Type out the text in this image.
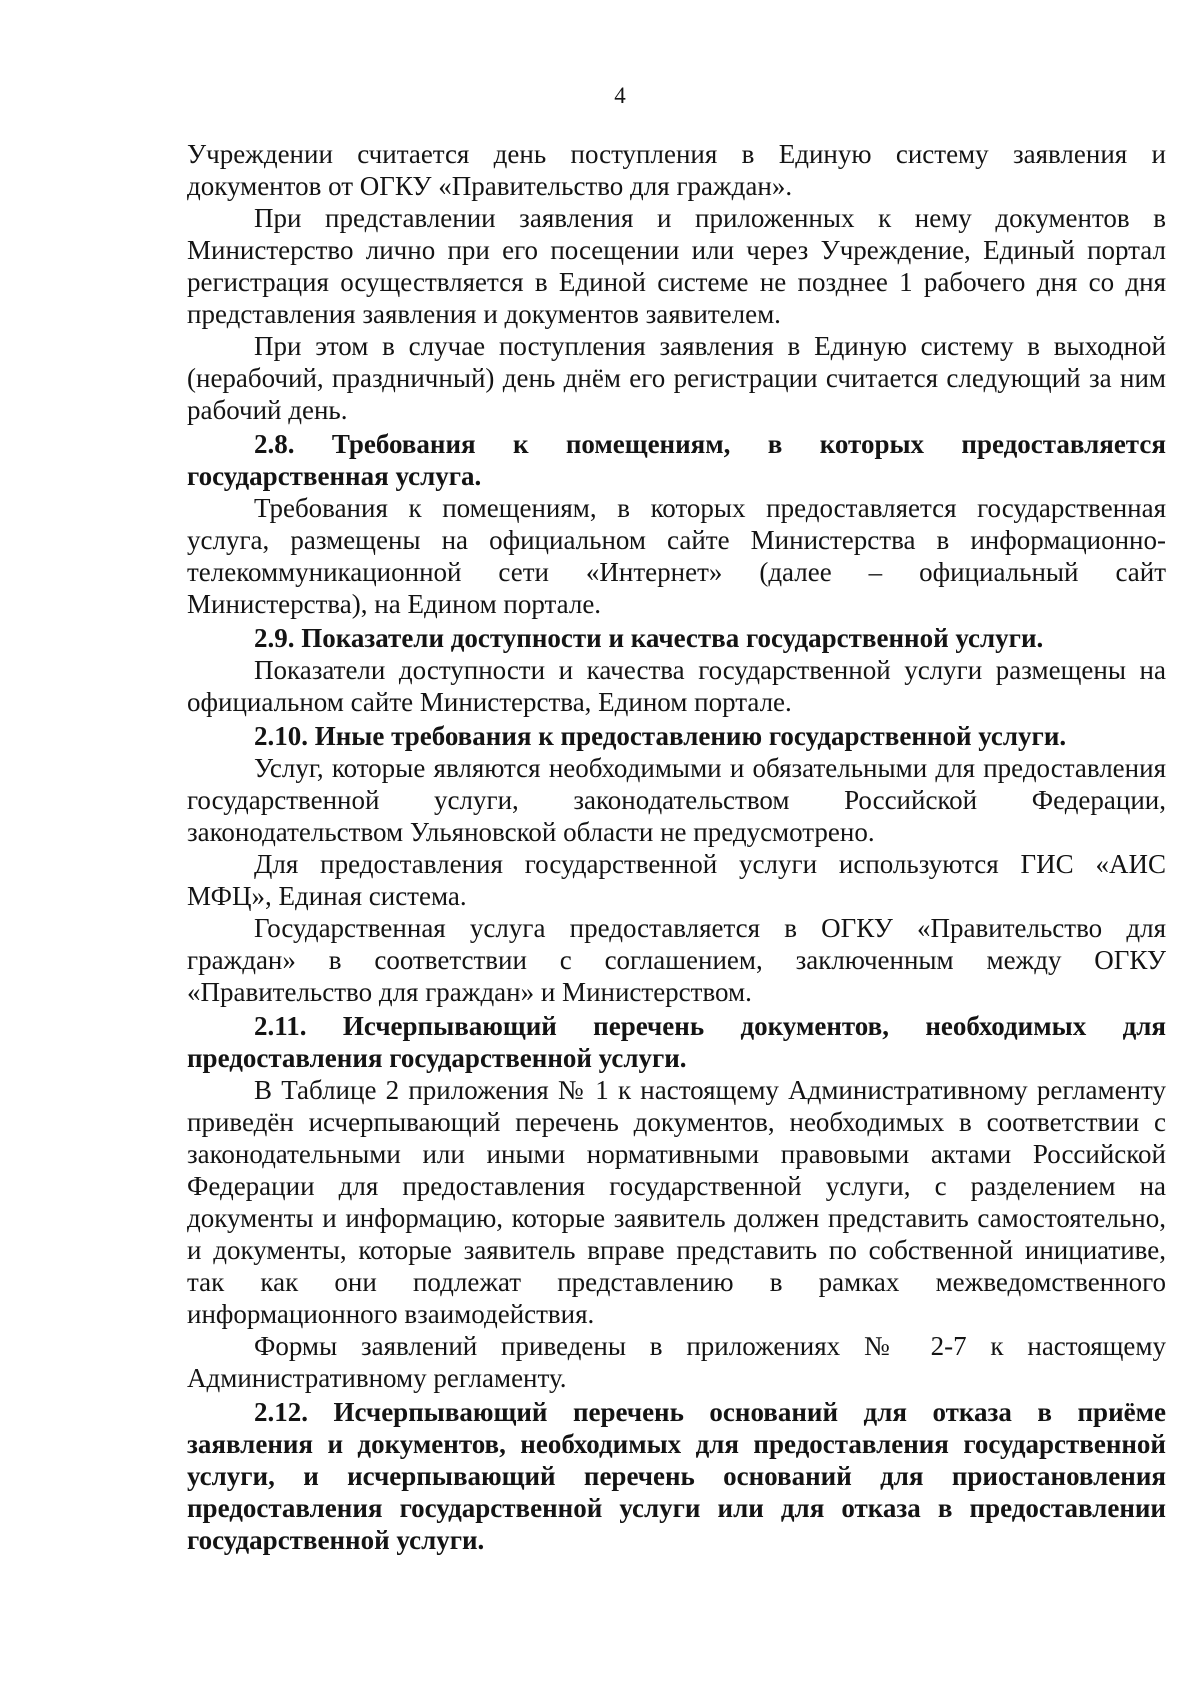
4

Учреждении считается день поступления в Единую систему заявления и документов от ОГКУ «Правительство для граждан».

При представлении заявления и приложенных к нему документов в Министерство лично при его посещении или через Учреждение, Единый портал регистрация осуществляется в Единой системе не позднее 1 рабочего дня со дня представления заявления и документов заявителем.

При этом в случае поступления заявления в Единую систему в выходной (нерабочий, праздничный) день днём его регистрации считается следующий за ним рабочий день.

2.8. Требования к помещениям, в которых предоставляется государственная услуга.

Требования к помещениям, в которых предоставляется государственная услуга, размещены на официальном сайте Министерства в информационно-телекоммуникационной сети «Интернет» (далее – официальный сайт Министерства), на Едином портале.

2.9. Показатели доступности и качества государственной услуги.

Показатели доступности и качества государственной услуги размещены на официальном сайте Министерства, Едином портале.

2.10. Иные требования к предоставлению государственной услуги.

Услуг, которые являются необходимыми и обязательными для предоставления государственной услуги, законодательством Российской Федерации, законодательством Ульяновской области не предусмотрено.

Для предоставления государственной услуги используются ГИС «АИС МФЦ», Единая система.

Государственная услуга предоставляется в ОГКУ «Правительство для граждан» в соответствии с соглашением, заключенным между ОГКУ «Правительство для граждан» и Министерством.

2.11. Исчерпывающий перечень документов, необходимых для предоставления государственной услуги.

В Таблице 2 приложения № 1 к настоящему Административному регламенту приведён исчерпывающий перечень документов, необходимых в соответствии с законодательными или иными нормативными правовыми актами Российской Федерации для предоставления государственной услуги, с разделением на документы и информацию, которые заявитель должен представить самостоятельно, и документы, которые заявитель вправе представить по собственной инициативе, так как они подлежат представлению в рамках межведомственного информационного взаимодействия.

Формы заявлений приведены в приложениях № 2-7 к настоящему Административному регламенту.

2.12. Исчерпывающий перечень оснований для отказа в приёме заявления и документов, необходимых для предоставления государственной услуги, и исчерпывающий перечень оснований для приостановления предоставления государственной услуги или для отказа в предоставлении государственной услуги.
